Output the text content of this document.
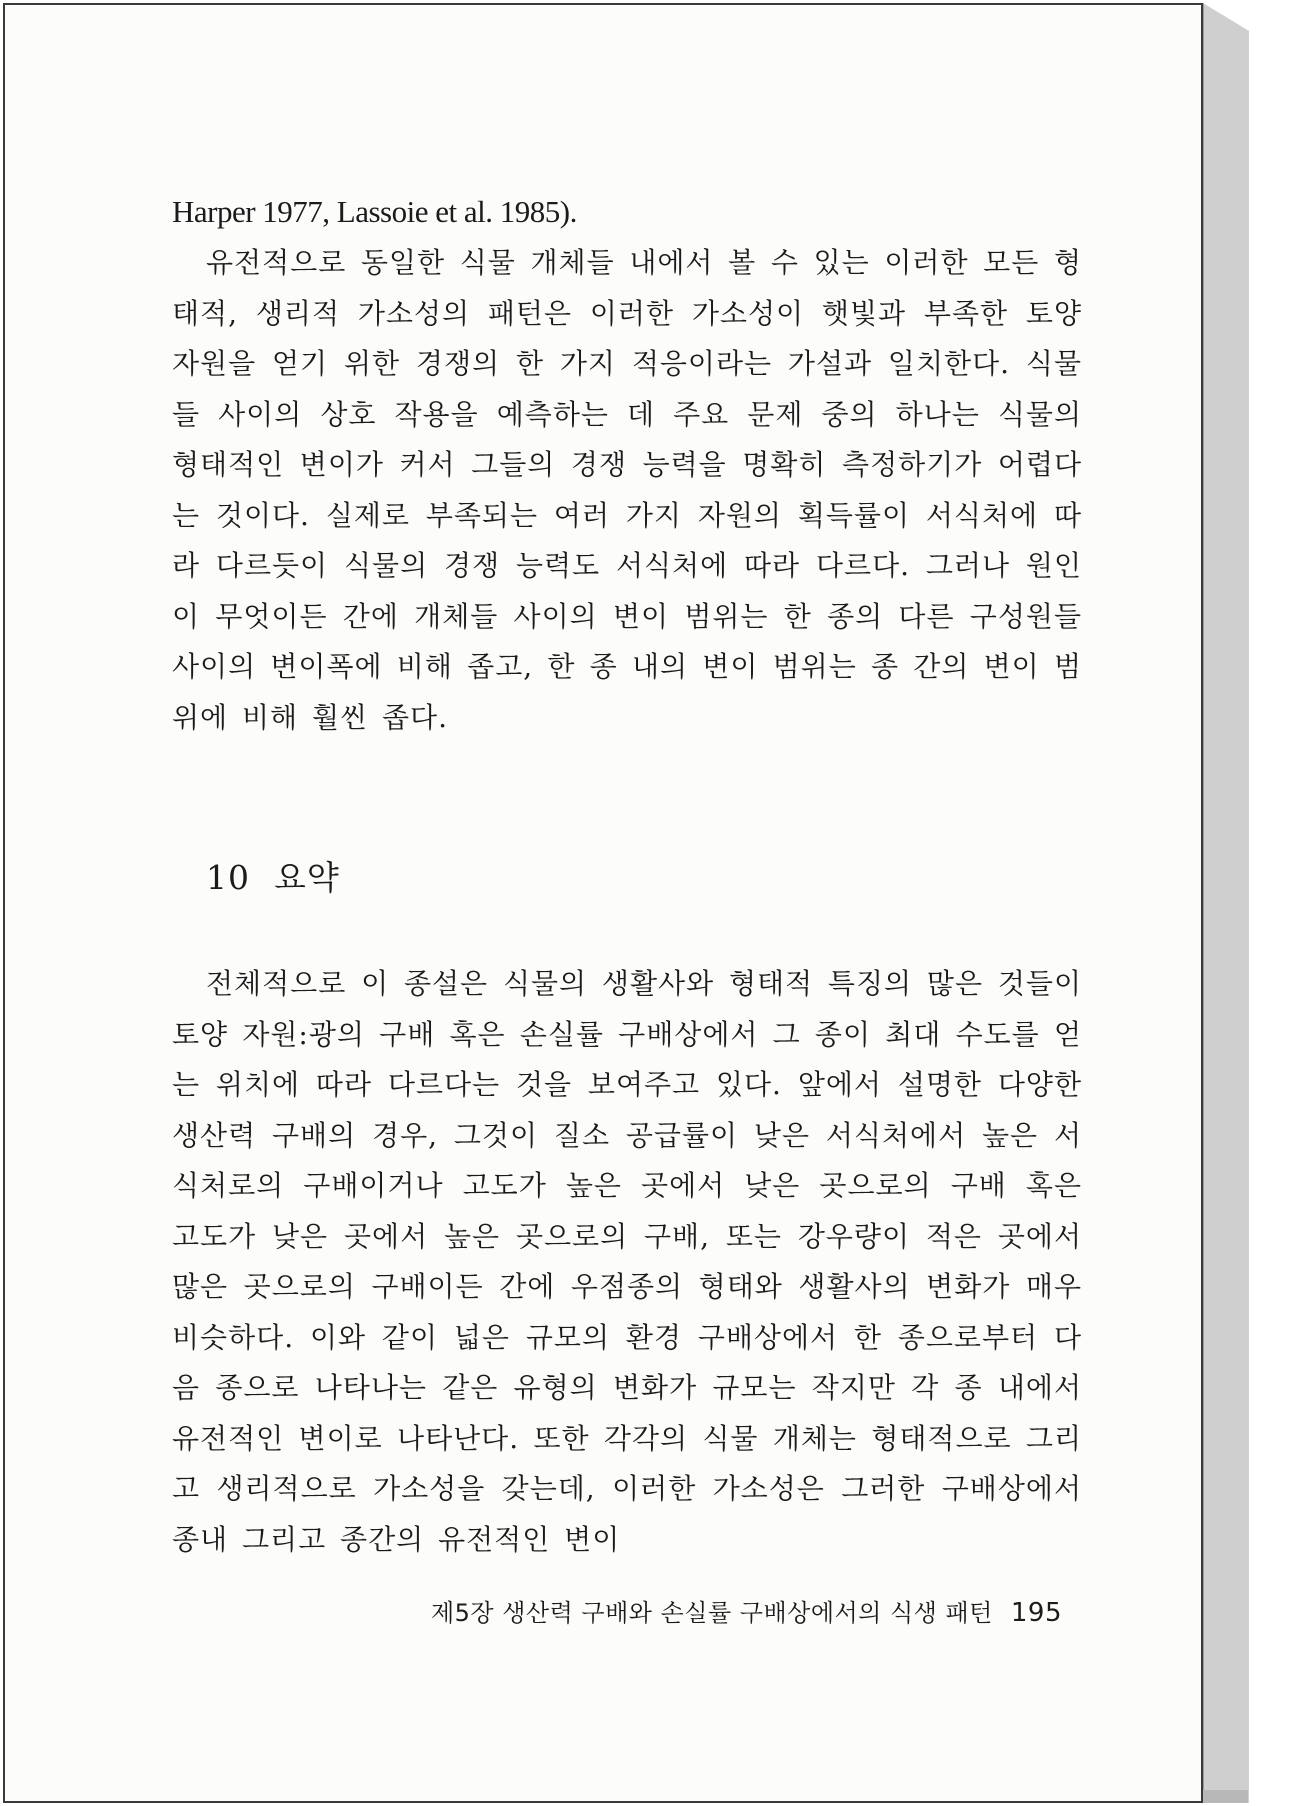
Harper 1977, Lassoie et al. 1985).

유전적으로 동일한 식물 개체들 내에서 볼 수 있는 이러한 모든 형태적, 생리적 가소성의 패턴은 이러한 가소성이 햇빛과 부족한 토양 자원을 얻기 위한 경쟁의 한 가지 적응이라는 가설과 일치한다. 식물들 사이의 상호 작용을 예측하는 데 주요 문제 중의 하나는 식물의 형태적인 변이가 커서 그들의 경쟁 능력을 명확히 측정하기가 어렵다는 것이다. 실제로 부족되는 여러 가지 자원의 획득률이 서식처에 따라 다르듯이 식물의 경쟁 능력도 서식처에 따라 다르다. 그러나 원인이 무엇이든 간에 개체들 사이의 변이 범위는 한 종의 다른 구성원들 사이의 변이폭에 비해 좁고, 한 종 내의 변이 범위는 종 간의 변이 범위에 비해 훨씬 좁다.

10 요약

전체적으로 이 종설은 식물의 생활사와 형태적 특징의 많은 것들이 토양 자원:광의 구배 혹은 손실률 구배상에서 그 종이 최대 수도를 얻는 위치에 따라 다르다는 것을 보여주고 있다. 앞에서 설명한 다양한 생산력 구배의 경우, 그것이 질소 공급률이 낮은 서식처에서 높은 서식처로의 구배이거나 고도가 높은 곳에서 낮은 곳으로의 구배 혹은 고도가 낮은 곳에서 높은 곳으로의 구배, 또는 강우량이 적은 곳에서 많은 곳으로의 구배이든 간에 우점종의 형태와 생활사의 변화가 매우 비슷하다. 이와 같이 넓은 규모의 환경 구배상에서 한 종으로부터 다음 종으로 나타나는 같은 유형의 변화가 규모는 작지만 각 종 내에서 유전적인 변이로 나타난다. 또한 각각의 식물 개체는 형태적으로 그리고 생리적으로 가소성을 갖는데, 이러한 가소성은 그러한 구배상에서 종내 그리고 종간의 유전적인 변이

제5장 생산력 구배와 손실률 구배상에서의 식생 패턴 195
